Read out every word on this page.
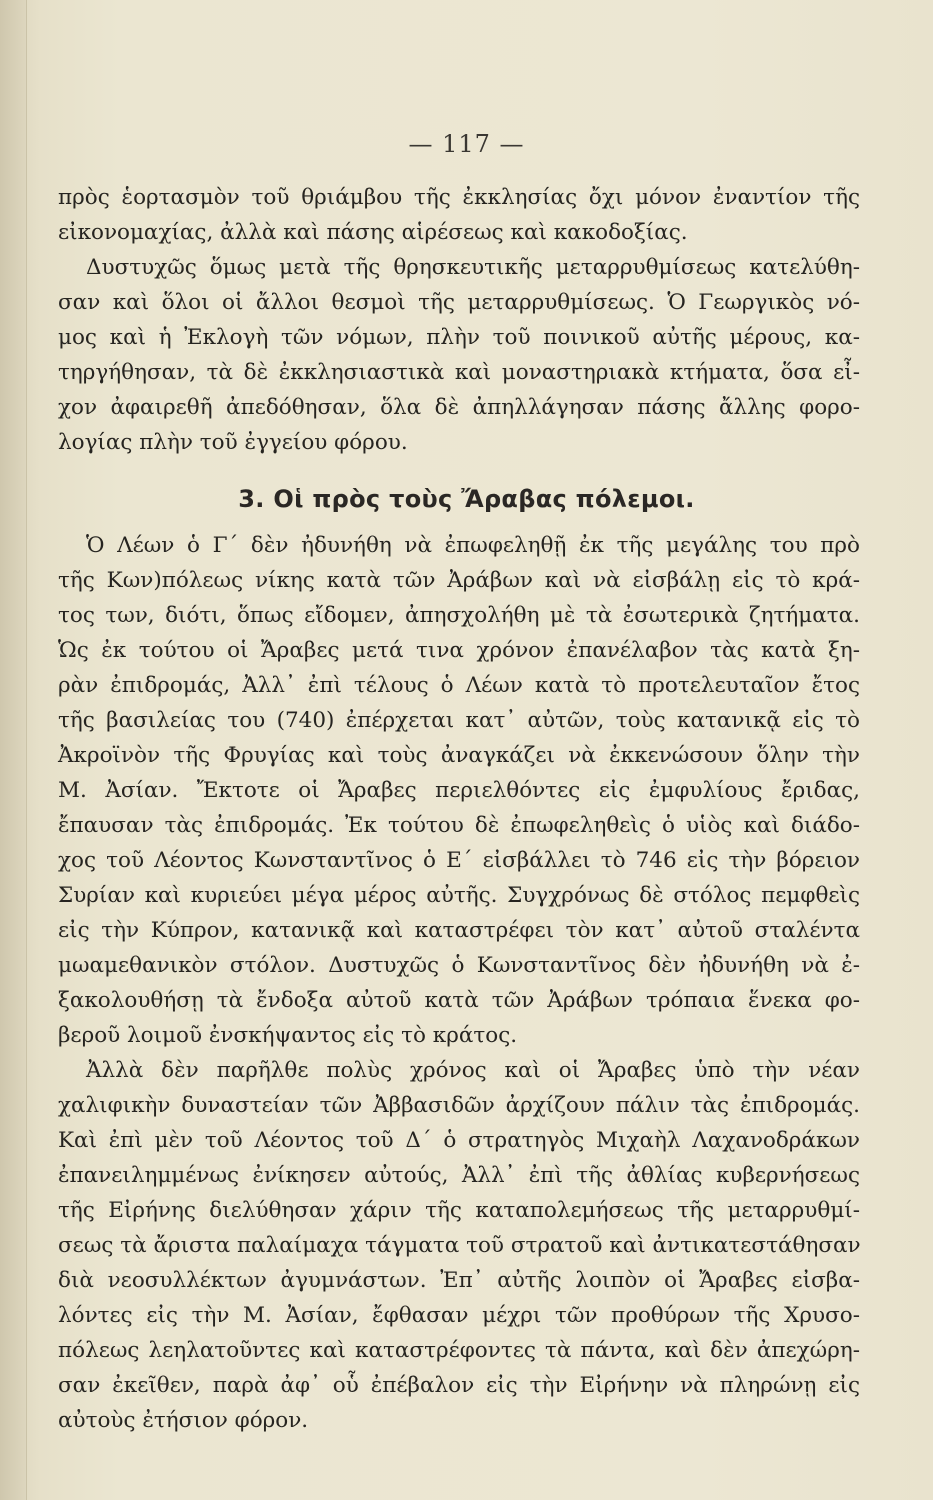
— 117 —

πρὸς ἑορτασμὸν τοῦ θριάμβου τῆς ἐκκλησίας ὄχι μόνον ἐναντίον τῆς
εἰκονομαχίας, ἀλλὰ καὶ πάσης αἱρέσεως καὶ κακοδοξίας.

Δυστυχῶς ὅμως μετὰ τῆς θρησκευτικῆς μεταρρυθμίσεως κατελύθη-
σαν καὶ ὅλοι οἱ ἄλλοι θεσμοὶ τῆς μεταρρυθμίσεως. Ὁ Γεωργικὸς νό-
μος καὶ ἡ Ἐκλογὴ τῶν νόμων, πλὴν τοῦ ποινικοῦ αὐτῆς μέρους, κα-
τηργήθησαν, τὰ δὲ ἐκκλησιαστικὰ καὶ μοναστηριακὰ κτήματα, ὅσα εἶ-
χον ἀφαιρεθῆ ἀπεδόθησαν, ὅλα δὲ ἀπηλλάγησαν πάσης ἄλλης φορο-
λογίας πλὴν τοῦ ἐγγείου φόρου.

3. Οἱ πρὸς τοὺς Ἄραβας πόλεμοι.

Ὁ Λέων ὁ Γ΄ δὲν ἠδυνήθη νὰ ἐπωφεληθῇ ἐκ τῆς μεγάλης του πρὸ
τῆς Κων)πόλεως νίκης κατὰ τῶν Ἀράβων καὶ νὰ εἰσβάλῃ εἰς τὸ κρά-
τος των, διότι, ὅπως εἴδομεν, ἀπησχολήθη μὲ τὰ ἐσωτερικὰ ζητήματα.
Ὡς ἐκ τούτου οἱ Ἄραβες μετά τινα χρόνον ἐπανέλαβον τὰς κατὰ ξη-
ρὰν ἐπιδρομάς, Ἀλλ᾿ ἐπὶ τέλους ὁ Λέων κατὰ τὸ προτελευταῖον ἔτος
τῆς βασιλείας του (740) ἐπέρχεται κατ᾿ αὐτῶν, τοὺς κατανικᾷ εἰς τὸ
Ἀκροϊνὸν τῆς Φρυγίας καὶ τοὺς ἀναγκάζει νὰ ἐκκενώσουν ὅλην τὴν
Μ. Ἀσίαν. Ἔκτοτε οἱ Ἄραβες περιελθόντες εἰς ἐμφυλίους ἔριδας,
ἔπαυσαν τὰς ἐπιδρομάς. Ἐκ τούτου δὲ ἐπωφεληθεὶς ὁ υἱὸς καὶ διάδο-
χος τοῦ Λέοντος Κωνσταντῖνος ὁ Ε΄ εἰσβάλλει τὸ 746 εἰς τὴν βόρειον
Συρίαν καὶ κυριεύει μέγα μέρος αὐτῆς. Συγχρόνως δὲ στόλος πεμφθεὶς
εἰς τὴν Κύπρον, κατανικᾷ καὶ καταστρέφει τὸν κατ᾿ αὐτοῦ σταλέντα
μωαμεθανικὸν στόλον. Δυστυχῶς ὁ Κωνσταντῖνος δὲν ἠδυνήθη νὰ ἐ-
ξακολουθήσῃ τὰ ἔνδοξα αὐτοῦ κατὰ τῶν Ἀράβων τρόπαια ἕνεκα φο-
βεροῦ λοιμοῦ ἐνσκήψαντος εἰς τὸ κράτος.

Ἀλλὰ δὲν παρῆλθε πολὺς χρόνος καὶ οἱ Ἄραβες ὑπὸ τὴν νέαν
χαλιφικὴν δυναστείαν τῶν Ἀββασιδῶν ἀρχίζουν πάλιν τὰς ἐπιδρομάς.
Καὶ ἐπὶ μὲν τοῦ Λέοντος τοῦ Δ΄ ὁ στρατηγὸς Μιχαὴλ Λαχανοδράκων
ἐπανειλημμένως ἐνίκησεν αὐτούς, Ἀλλ᾿ ἐπὶ τῆς ἀθλίας κυβερνήσεως
τῆς Εἰρήνης διελύθησαν χάριν τῆς καταπολεμήσεως τῆς μεταρρυθμί-
σεως τὰ ἄριστα παλαίμαχα τάγματα τοῦ στρατοῦ καὶ ἀντικατεστάθησαν
διὰ νεοσυλλέκτων ἀγυμνάστων. Ἐπ᾿ αὐτῆς λοιπὸν οἱ Ἄραβες εἰσβα-
λόντες εἰς τὴν Μ. Ἀσίαν, ἔφθασαν μέχρι τῶν προθύρων τῆς Χρυσο-
πόλεως λεηλατοῦντες καὶ καταστρέφοντες τὰ πάντα, καὶ δὲν ἀπεχώρη-
σαν ἐκεῖθεν, παρὰ ἀφ᾿ οὗ ἐπέβαλον εἰς τὴν Εἰρήνην νὰ πληρώνῃ εἰς
αὐτοὺς ἐτήσιον φόρον.
